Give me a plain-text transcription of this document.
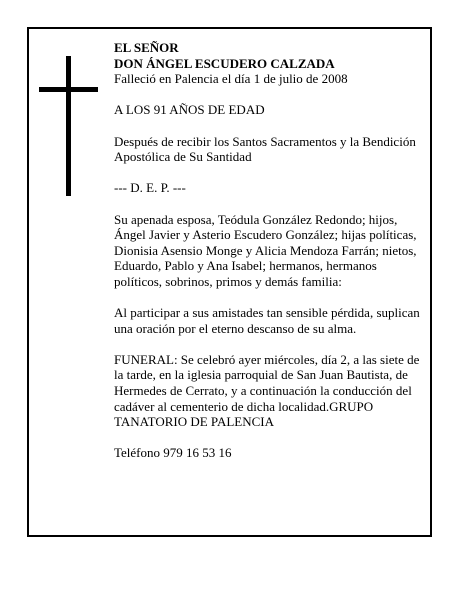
EL SEÑOR
DON ÁNGEL ESCUDERO CALZADA

Falleció en Palencia el día 1 de julio de 2008

A LOS 91 AÑOS DE EDAD

Después de recibir los Santos Sacramentos y la Bendición Apostólica de Su Santidad

--- D. E. P. ---

Su apenada esposa, Teódula González Redondo; hijos, Ángel Javier y Asterio Escudero González; hijas políticas, Dionisia Asensio Monge y Alicia Mendoza Farrán; nietos, Eduardo, Pablo y Ana Isabel; hermanos, hermanos políticos, sobrinos, primos y demás familia:

Al participar a sus amistades tan sensible pérdida, suplican una oración por el eterno descanso de su alma.

FUNERAL: Se celebró ayer miércoles, día 2, a las siete de la tarde, en la iglesia parroquial de San Juan Bautista, de Hermedes de Cerrato, y a continuación la conducción del cadáver al cementerio de dicha localidad.GRUPO TANATORIO DE PALENCIA

Teléfono 979 16 53 16
